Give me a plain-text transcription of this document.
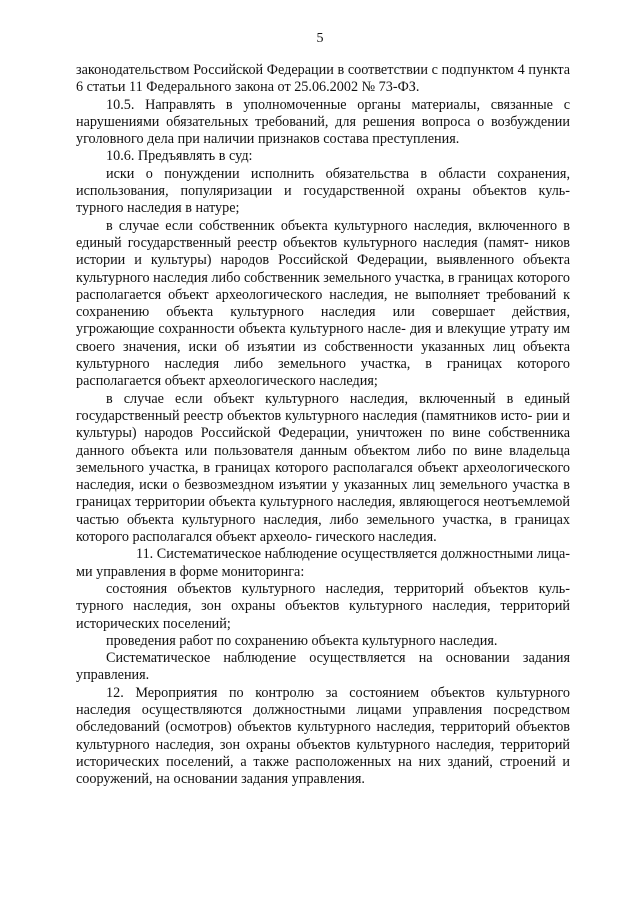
5

законодательством Российской Федерации в соответствии с подпунктом 4 пункта 6 статьи 11 Федерального закона от 25.06.2002 № 73-ФЗ.

10.5. Направлять в уполномоченные органы материалы, связанные с нарушениями обязательных требований, для решения вопроса о возбуждении уголовного дела при наличии признаков состава преступления.

10.6. Предъявлять в суд:

иски о понуждении исполнить обязательства в области сохранения, использования, популяризации и государственной охраны объектов куль- турного наследия в натуре;

в случае если собственник объекта культурного наследия, включенного в единый государственный реестр объектов культурного наследия (памят- ников истории и культуры) народов Российской Федерации, выявленного объекта культурного наследия либо собственник земельного участка, в границах которого располагается объект археологического наследия, не выполняет требований к сохранению объекта культурного наследия или совершает действия, угрожающие сохранности объекта культурного насле- дия и влекущие утрату им своего значения, иски об изъятии из собственности указанных лиц объекта культурного наследия либо земельного участка, в границах которого располагается объект археологического наследия;

в случае если объект культурного наследия, включенный в единый государственный реестр объектов культурного наследия (памятников исто- рии и культуры) народов Российской Федерации, уничтожен по вине собственника данного объекта или пользователя данным объектом либо по вине владельца земельного участка, в границах которого располагался объект археологического наследия, иски о безвозмездном изъятии у указанных лиц земельного участка в границах территории объекта культурного наследия, являющегося неотъемлемой частью объекта культурного наследия, либо земельного участка, в границах которого располагался объект археоло- гического наследия.

11. Систематическое наблюдение осуществляется должностными лица- ми управления в форме мониторинга:

состояния объектов культурного наследия, территорий объектов куль- турного наследия, зон охраны объектов культурного наследия, территорий исторических поселений;

проведения работ по сохранению объекта культурного наследия.

Систематическое наблюдение осуществляется на основании задания управления.

12. Мероприятия по контролю за состоянием объектов культурного наследия осуществляются должностными лицами управления посредством обследований (осмотров) объектов культурного наследия, территорий объектов культурного наследия, зон охраны объектов культурного наследия, территорий исторических поселений, а также расположенных на них зданий, строений и сооружений, на основании задания управления.
